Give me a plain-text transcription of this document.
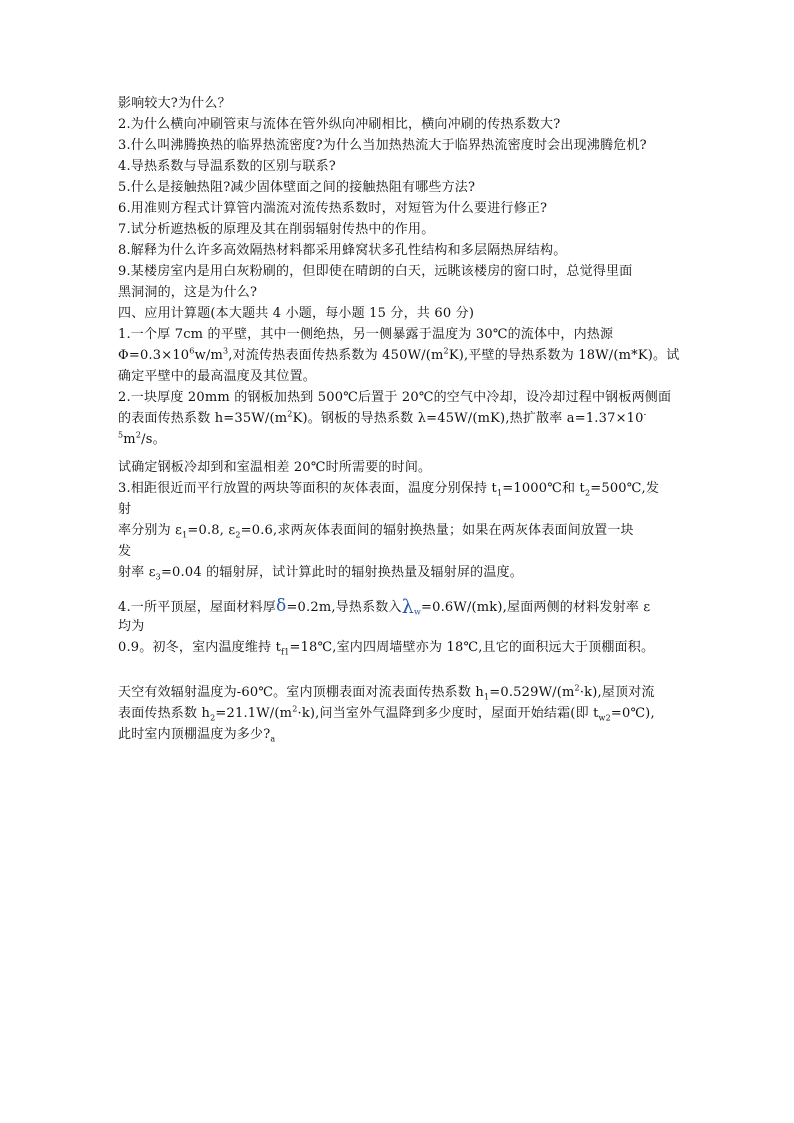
影响较大?为什么？
2.为什么横向冲刷管束与流体在管外纵向冲刷相比，横向冲刷的传热系数大?
3.什么叫沸腾换热的临界热流密度?为什么当加热热流大于临界热流密度时会出现沸腾危机?
4.导热系数与导温系数的区别与联系?
5.什么是接触热阻?减少固体壁面之间的接触热阻有哪些方法?
6.用准则方程式计算管内湍流对流传热系数时，对短管为什么要进行修正?
7.试分析遮热板的原理及其在削弱辐射传热中的作用。
8.解释为什么许多高效隔热材料都采用蜂窝状多孔性结构和多层隔热屏结构。
9.某楼房室内是用白灰粉刷的，但即使在晴朗的白天，远眺该楼房的窗口时，总觉得里面
黑洞洞的，这是为什么?
四、应用计算题(本大题共 4 小题，每小题 15 分，共 60 分)
1.一个厚 7cm 的平壁，其中一侧绝热，另一侧暴露于温度为 30℃的流体中，内热源
$\Phi=0.3\times 10^6w/m^3$,对流传热表面传热系数为 $450W/(m^2K)$,平壁的导热系数为 18W/(m*K)。试
确定平壁中的最高温度及其位置。
2.一块厚度 20mm 的钢板加热到 500℃后置于 20℃的空气中冷却，设冷却过程中钢板两侧面
的表面传热系数 $h=35W/(m^2K)$。钢板的导热系数 λ=45W/(mK),热扩散率 a=1.37×10-
$^5m^2/s$。
试确定钢板冷却到和室温相差 20℃时所需要的时间。
3.相距很近而平行放置的两块等面积的灰体表面，温度分别保持 $t_1=1000℃$和 $t_2=500℃$,发
射
率分别为 $\varepsilon_1=0.8$, $\varepsilon_2=0.6$,求两灰体表面间的辐射换热量；如果在两灰体表面间放置一块
发
射率 $\varepsilon_3=0.04$ 的辐射屏，试计算此时的辐射换热量及辐射屏的温度。
4.一所平顶屋，屋面材料厚δ=0.2m,导热系数入$\lambda_w=0.6W/(mk)$,屋面两侧的材料发射率 ε
均为
0.9。初冬，室内温度维持 $t_{f1}=18℃$,室内四周墙壁亦为 18℃,且它的面积远大于顶棚面积。
天空有效辐射温度为-60℃。室内顶棚表面对流表面传热系数 $h_1=0.529W/(m^2\cdot k)$,屋顶对流
表面传热系数 $h_2=21.1W/(m^2\cdot k)$,问当室外气温降到多少度时，屋面开始结霜(即 $t_{w2}=0℃$),
此时室内顶棚温度为多少$?_a$
